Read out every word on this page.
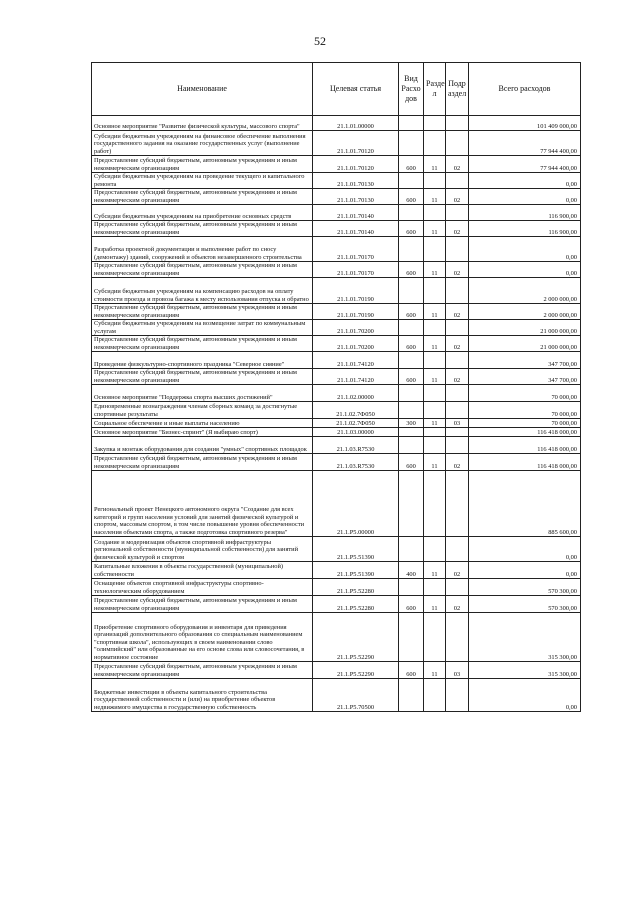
52
Наименование	Целевая статья	Вид Расхо дов	Разде л	Подр аздел	Всего расходов
Основное мероприятие "Развитие физической культуры, массового спорта"	21.1.01.00000				101 409 000,00
Субсидии бюджетным учреждениям на финансовое обеспечение выполнения государственного задания на оказание государственных услуг (выполнение работ)	21.1.01.70120				77 944 400,00
Предоставление субсидий бюджетным, автономным учреждениям и иным некоммерческим организациям	21.1.01.70120	600	11	02	77 944 400,00
Субсидии бюджетным учреждениям на проведение текущего и капитального ремонта	21.1.01.70130				0,00
Предоставление субсидий бюджетным, автономным учреждениям и иным некоммерческим организациям	21.1.01.70130	600	11	02	0,00
Субсидии бюджетным учреждениям на приобретение основных средств	21.1.01.70140				116 900,00
Предоставление субсидий бюджетным, автономным учреждениям и иным некоммерческим организациям	21.1.01.70140	600	11	02	116 900,00
Разработка проектной документации и выполнение работ по сносу (демонтажу) зданий, сооружений и объектов незавершенного строительства	21.1.01.70170				0,00
Предоставление субсидий бюджетным, автономным учреждениям и иным некоммерческим организациям	21.1.01.70170	600	11	02	0,00
Субсидии бюджетным учреждениям на компенсацию расходов на оплату стоимости проезда и провоза багажа к месту использования отпуска и обратно	21.1.01.70190				2 000 000,00
Предоставление субсидий бюджетным, автономным учреждениям и иным некоммерческим организациям	21.1.01.70190	600	11	02	2 000 000,00
Субсидии бюджетным учреждениям на возмещение затрат по коммунальным услугам	21.1.01.70200				21 000 000,00
Предоставление субсидий бюджетным, автономным учреждениям и иным некоммерческим организациям	21.1.01.70200	600	11	02	21 000 000,00
Проведение физкультурно-спортивного праздника "Северное сияние"	21.1.01.74120				347 700,00
Предоставление субсидий бюджетным, автономным учреждениям и иным некоммерческим организациям	21.1.01.74120	600	11	02	347 700,00
Основное мероприятие "Поддержка спорта высших достижений"	21.1.02.00000				70 000,00
Единовременные вознаграждения членам сборных команд за достигнутые спортивные результаты	21.1.02.7Ф050				70 000,00
Социальное обеспечение и иные выплаты населению	21.1.02.7Ф050	300	11	03	70 000,00
Основное мероприятие "Бизнес-спринт" (Я выбираю спорт)	21.1.03.00000				116 418 000,00
Закупка и монтаж оборудования для создания "умных" спортивных площадок	21.1.03.R7530				116 418 000,00
Предоставление субсидий бюджетным, автономным учреждениям и иным некоммерческим организациям	21.1.03.R7530	600	11	02	116 418 000,00
Региональный проект Ненецкого автономного округа "Создание для всех категорий и групп населения условий для занятий физической культурой и спортом, массовым спортом, в том числе повышение уровня обеспеченности населения объектами спорта, а также подготовка спортивного резерва"	21.1.P5.00000				885 600,00
Создание и модернизация объектов спортивной инфраструктуры региональной собственности (муниципальной собственности) для занятий физической культурой и спортом	21.1.P5.51390				0,00
Капитальные вложения в объекты государственной (муниципальной) собственности	21.1.P5.51390	400	11	02	0,00
Оснащение объектов спортивной инфраструктуры спортивно-технологическим оборудованием	21.1.P5.52280				570 300,00
Предоставление субсидий бюджетным, автономным учреждениям и иным некоммерческим организациям	21.1.P5.52280	600	11	02	570 300,00
Приобретение спортивного оборудования и инвентаря для приведения организаций дополнительного образования со специальным наименованием "спортивная школа", использующих в своем наименовании слово "олимпийский" или образованные на его основе слова или словосочетания, в нормативное состояние	21.1.P5.52290				315 300,00
Предоставление субсидий бюджетным, автономным учреждениям и иным некоммерческим организациям	21.1.P5.52290	600	11	03	315 300,00
Бюджетные инвестиции в объекты капитального строительства государственной собственности и (или) на приобретение объектов недвижимого имущества в государственную собственность	21.1.P5.70500				0,00
